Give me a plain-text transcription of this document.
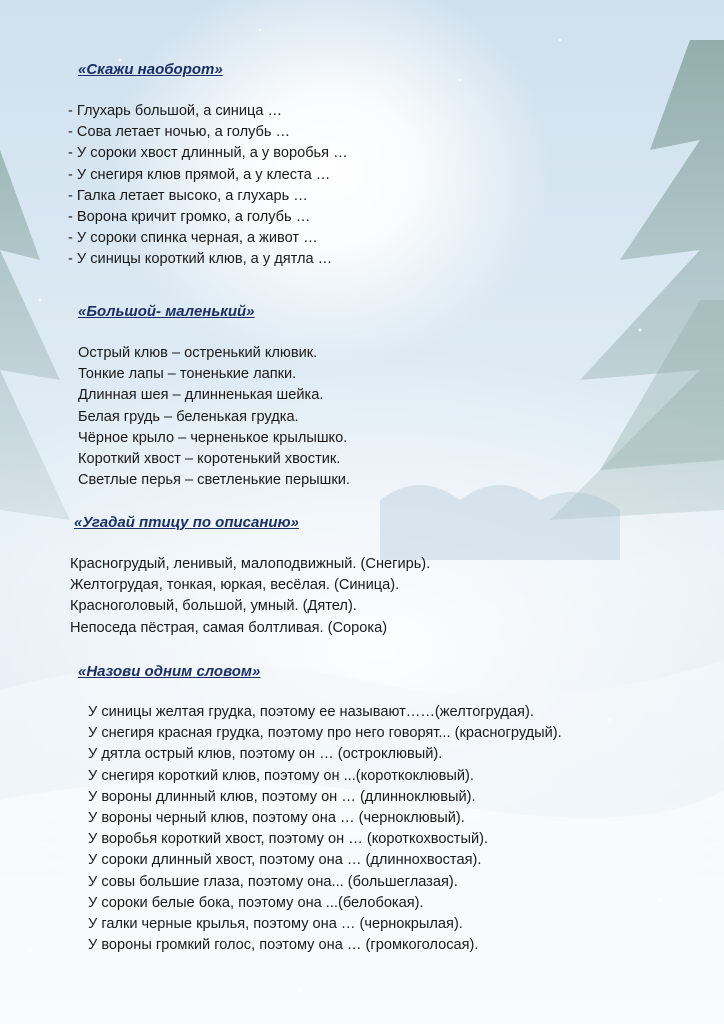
«Скажи наоборот»
- Глухарь большой, а синица …
- Сова летает ночью, а голубь …
- У сороки хвост длинный, а у воробья …
- У снегиря клюв прямой, а у клеста …
- Галка летает высоко, а глухарь …
- Ворона кричит громко, а голубь …
- У сороки спинка черная, а живот …
- У синицы короткий клюв, а у дятла …
«Большой- маленький»
Острый клюв – остренький клювик.
Тонкие лапы – тоненькие лапки.
Длинная шея – длинненькая шейка.
Белая грудь – беленькая грудка.
Чёрное крыло – черненькое крылышко.
Короткий хвост – коротенький хвостик.
Светлые перья – светленькие перышки.
«Угадай птицу по описанию»
Красногрудый, ленивый, малоподвижный. (Снегирь).
Желтогрудая, тонкая, юркая, весёлая. (Синица).
Красноголовый, большой, умный. (Дятел).
Непоседа пёстрая, самая болтливая. (Сорока)
«Назови одним словом»
У синицы желтая грудка, поэтому ее называют……(желтогрудая).
У снегиря красная грудка, поэтому про него говорят... (красногрудый).
У дятла острый клюв, поэтому он … (остроклювый).
У снегиря короткий клюв, поэтому он ...(короткоклювый).
У вороны длинный клюв, поэтому он … (длинноклювый).
У вороны черный клюв, поэтому она … (черноклювый).
У воробья короткий хвост, поэтому он … (короткохвостый).
У сороки длинный хвост, поэтому она … (длиннохвостая).
У совы большие глаза, поэтому она... (большеглазая).
У сороки белые бока, поэтому она ...(белобокая).
У галки черные крылья, поэтому она … (чернокрылая).
У вороны громкий голос, поэтому она … (громкоголосая).
